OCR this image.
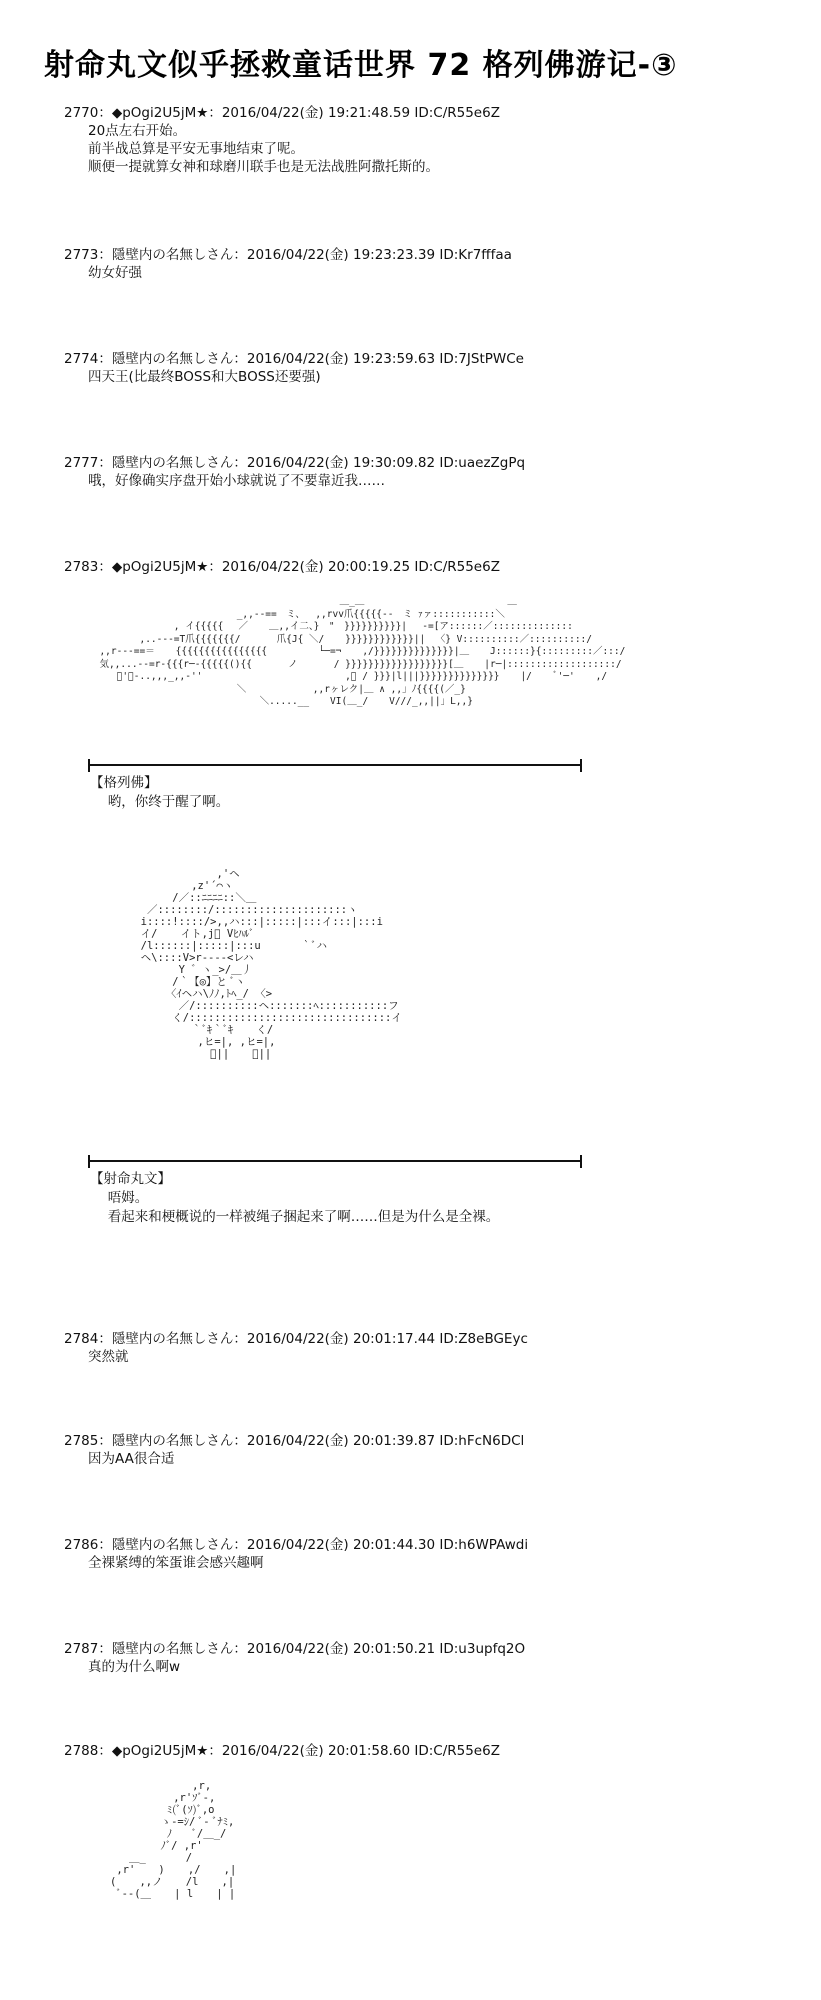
射命丸文似乎拯救童话世界 72 格列佛游记-③
2770：◆pOgi2U5jM★：2016/04/22(金) 19:21:48.59 ID:C/R55e6Z
20点左右开始。
前半战总算是平安无事地结束了呢。
顺便一提就算女神和球磨川联手也是无法战胜阿撒托斯的。
2773：隱壁内の名無しさん：2016/04/22(金) 19:23:23.39 ID:Kr7fffaa
幼女好强
2774：隱壁内の名無しさん：2016/04/22(金) 19:23:59.63 ID:7JStPWCe
四天王(比最终BOSS和大BOSS还要强)
2777：隱壁内の名無しさん：2016/04/22(金) 19:30:09.82 ID:uaezZgPq
哦，好像确实序盘开始小球就说了不要靠近我……
2783：◆pOgi2U5jM★：2016/04/22(金) 20:00:19.25 ID:C/R55e6Z
＿_＿                         ＿
_,,--==　ミ、　 ,,rvv爪{{{{{-‐　ミ ｧァ:::::::::::＼
, イ{{{{{　 ／ 　 ＿,,イ二、}　"　}}}}}}}}}}|　 -=[ア::::::／::::::::::::::
,..---=T爪{{{{{{{/ 　 　 爪{J{ ＼/ 　 }}}}}}}}}}}}|| 　〈} V::::::::::／::::::::::/
,,r---==＝ 　 {{{{{{{{{{{{{{{{ 　 　 　 └─=¬ 　 ,/}}}}}}}}}}}}}}|＿ 　 J::::::}{:::::::::／:::/
気,,...-‐=r‐{{{r─-{{{{{(){{ 　 　 ノ 　 　 / }}}}}}}}}}}}}}}}}}[＿ 　 |r─|:::::::::::::::::::/
゙'ー-..,,,_,,-'' 　 　 　 　 　 　 　 　 　 ,」 / }}}|l|||}}}}}}}}}}}}}} 　 |/ 　 ﾞ'─' 　 ,/
＼ 　 　 　 　 ,,rヶレク|＿ ∧ ,,」ﾉ{{{{(／_}
＼.....__ 　 VI(＿_/ 　 V///_,,||」L,,}
【格列佛】
　 哟，你终于醒了啊。
,'ヘ
,z'´⌒ヽ
/／::ﾆﾆﾆﾆ::＼＿
／::::::::/:::::::::::::::::::::ヽ
i::::!::::/>,,ハ:::|:::::|:::イ:::|:::i
イ/ 　 イト,j゙ Vﾋﾊﾙﾞ
/l::::::|:::::|:::u 　 　 ｀ﾞハ
ヘ\::::V>r‐‐--<レハ
Y ゛ヽ_>/＿丿
/｀【◎】と ﾞヽ
〈ｲヘハ\ﾉﾉ,ﾄﾍ_/ 〈>
／/::::::::::ヘ:::::::ﾍ:::::::::::フ
く/::::::::::::::::::::::::::::::::イ
｀ﾞｷ｀ﾞｷ 　 く/
,ヒ=|, ,ヒ=|,
ﾞ|| 　 ﾞ||
【射命丸文】
　 唔姆。
　 看起来和梗概说的一样被绳子捆起来了啊……但是为什么是全裸。
2784：隱壁内の名無しさん：2016/04/22(金) 20:01:17.44 ID:Z8eBGEyc
突然就
2785：隱壁内の名無しさん：2016/04/22(金) 20:01:39.87 ID:hFcN6DCl
因为AA很合适
2786：隱壁内の名無しさん：2016/04/22(金) 20:01:44.30 ID:h6WPAwdi
全裸紧缚的笨蛋谁会感兴趣啊
2787：隱壁内の名無しさん：2016/04/22(金) 20:01:50.21 ID:u3upfq2O
真的为什么啊w
2788：◆pOgi2U5jM★：2016/04/22(金) 20:01:58.60 ID:C/R55e6Z
,r,
,r'ｿﾞ-,
ﾐ(ﾞ(ｿ)ﾞ,o
ゝ-=ｼ/ ﾞ- ﾞﾅﾐ,
ﾉ 　 ﾞ/＿_/
ﾉﾞ/ ,r'
＿_ 　 　 /
,r' 　 ) 　 ,/ 　 ,|
( 　 ,,ノ 　 /l 　 ,|
ﾞ‐-(＿ 　 | l 　 | |
